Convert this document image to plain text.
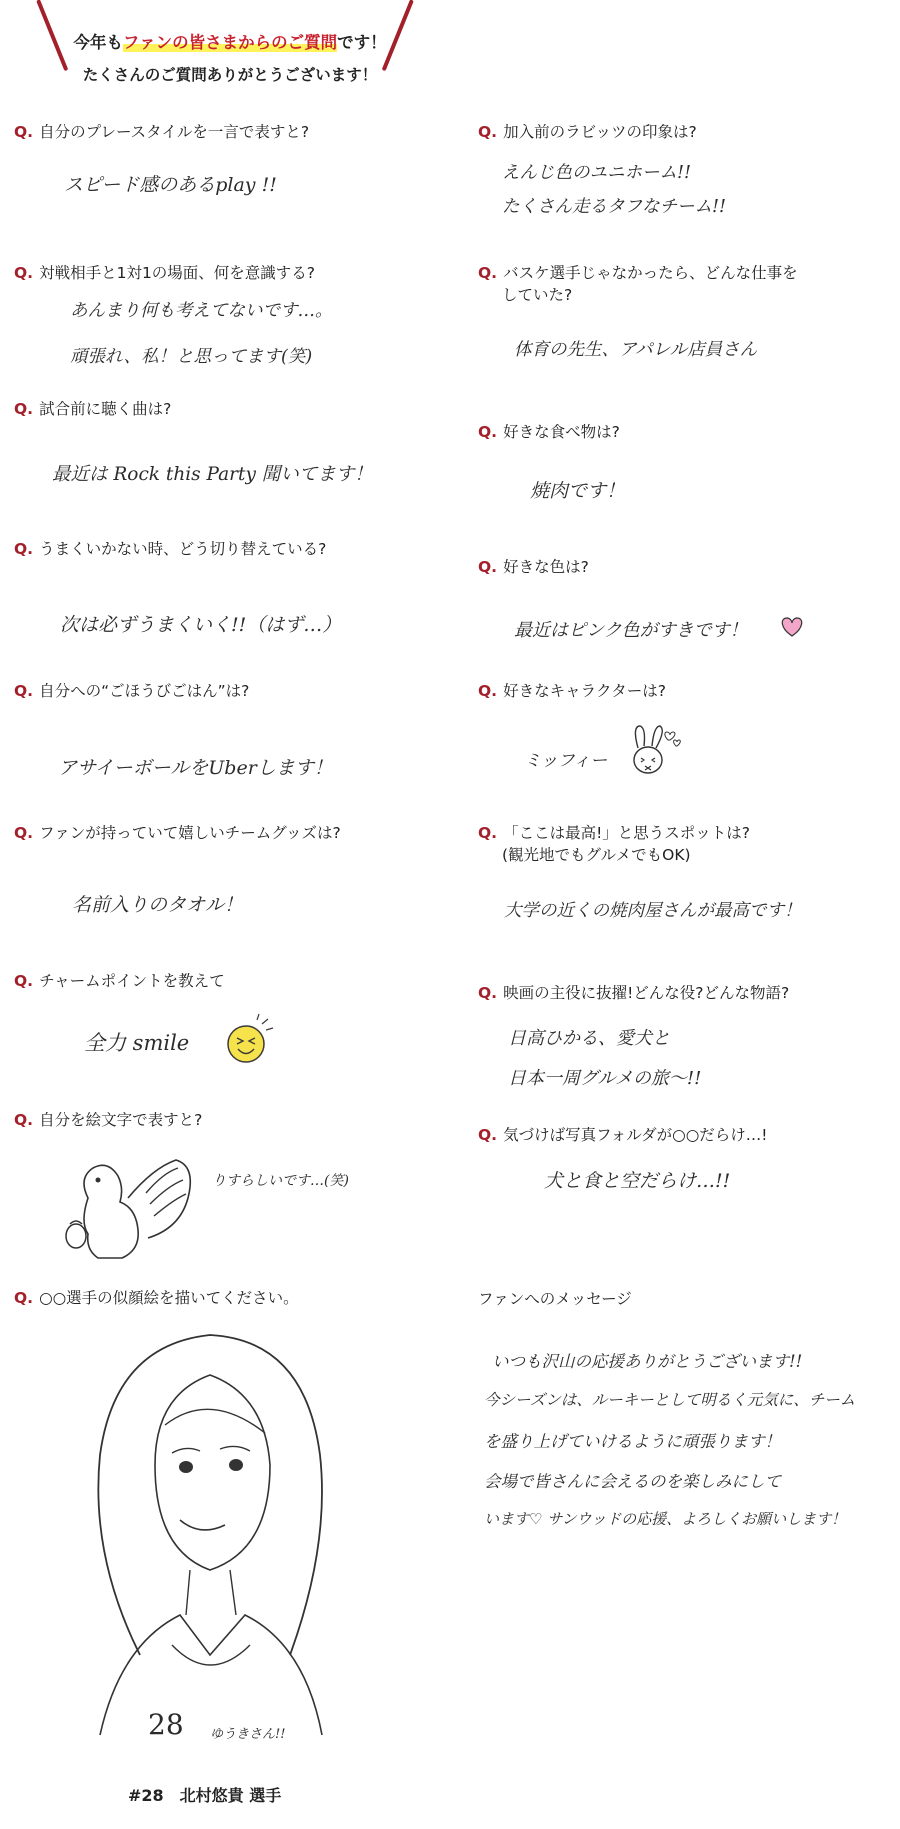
今年もファンの皆さまからのご質問です！
たくさんのご質問ありがとうございます！
Q. 自分のプレースタイルを一言で表すと?
スピード感のあるplay !!
Q. 対戦相手と1対1の場面、何を意識する?
あんまり何も考えてないです…。
頑張れ、私！と思ってます(笑)
Q. 試合前に聴く曲は?
最近は Rock this Party 聞いてます！
Q. うまくいかない時、どう切り替えている?
次は必ずうまくいく!!（はず…）
Q. 自分への“ごほうびごはん”は?
アサイーボールをUberします！
Q. ファンが持っていて嬉しいチームグッズは?
名前入りのタオル！
Q. チャームポイントを教えて
全力 smile
Q. 自分を絵文字で表すと?
りすらしいです…(笑)
Q. ○○選手の似顔絵を描いてください。
28 ゆうきさん!!
#28　北村悠貴 選手
Q. 加入前のラビッツの印象は?
えんじ色のユニホーム!!
たくさん走るタフなチーム!!
Q. バスケ選手じゃなかったら、どんな仕事を
していた?
体育の先生、アパレル店員さん
Q. 好きな食べ物は?
焼肉です！
Q. 好きな色は?
最近はピンク色がすきです！
Q. 好きなキャラクターは?
ミッフィー
Q. 「ここは最高!」と思うスポットは?
(観光地でもグルメでもOK)
大学の近くの焼肉屋さんが最高です！
Q. 映画の主役に抜擢!どんな役?どんな物語?
日高ひかる、愛犬と
日本一周グルメの旅～!!
Q. 気づけば写真フォルダが○○だらけ…!
犬と食と空だらけ…!!
ファンへのメッセージ
いつも沢山の応援ありがとうございます!!
今シーズンは、ルーキーとして明るく元気に、チーム
を盛り上げていけるように頑張ります！
会場で皆さんに会えるのを楽しみにして
います♡ サンウッドの応援、よろしくお願いします！
